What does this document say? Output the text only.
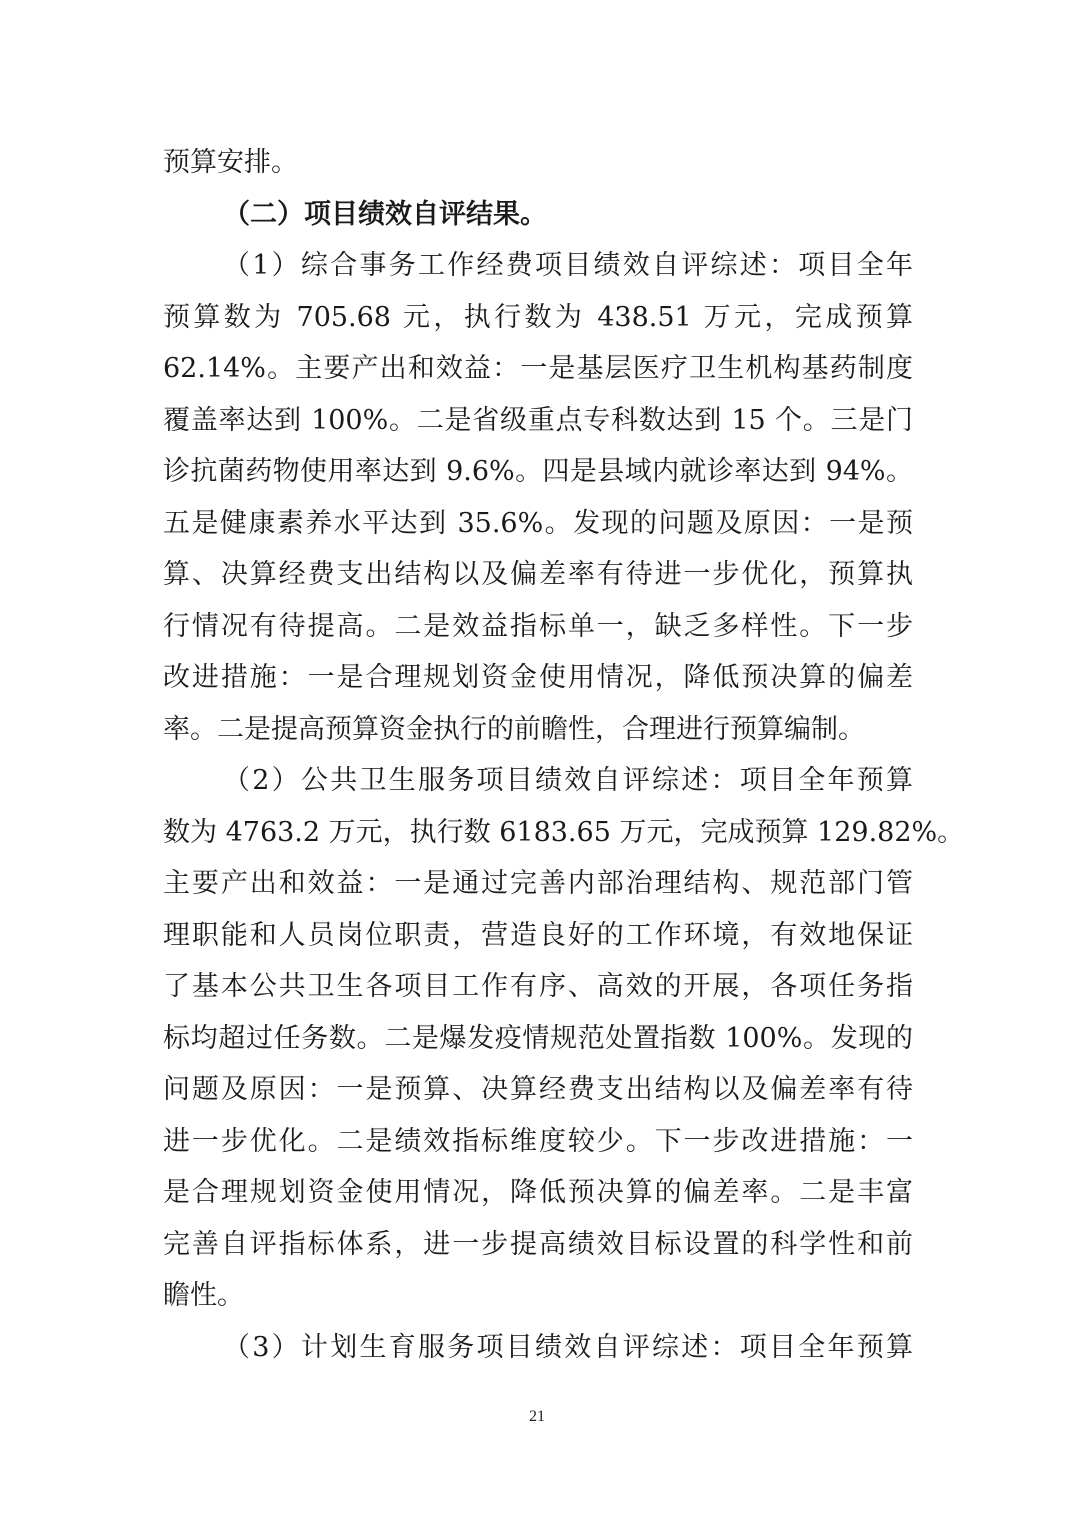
预算安排。
（二）项目绩效自评结果。
（1）综合事务工作经费项目绩效自评综述：项目全年
预算数为 705.68 元，执行数为 438.51 万元，完成预算
62.14%。主要产出和效益：一是基层医疗卫生机构基药制度
覆盖率达到 100%。二是省级重点专科数达到 15 个。三是门
诊抗菌药物使用率达到 9.6%。四是县域内就诊率达到 94%。
五是健康素养水平达到 35.6%。发现的问题及原因：一是预
算、决算经费支出结构以及偏差率有待进一步优化，预算执
行情况有待提高。二是效益指标单一，缺乏多样性。下一步
改进措施：一是合理规划资金使用情况，降低预决算的偏差
率。二是提高预算资金执行的前瞻性，合理进行预算编制。
（2）公共卫生服务项目绩效自评综述：项目全年预算
数为 4763.2 万元，执行数 6183.65 万元，完成预算 129.82%。
主要产出和效益：一是通过完善内部治理结构、规范部门管
理职能和人员岗位职责，营造良好的工作环境，有效地保证
了基本公共卫生各项目工作有序、高效的开展，各项任务指
标均超过任务数。二是爆发疫情规范处置指数 100%。发现的
问题及原因：一是预算、决算经费支出结构以及偏差率有待
进一步优化。二是绩效指标维度较少。下一步改进措施：一
是合理规划资金使用情况，降低预决算的偏差率。二是丰富
完善自评指标体系，进一步提高绩效目标设置的科学性和前
瞻性。
（3）计划生育服务项目绩效自评综述：项目全年预算
21
